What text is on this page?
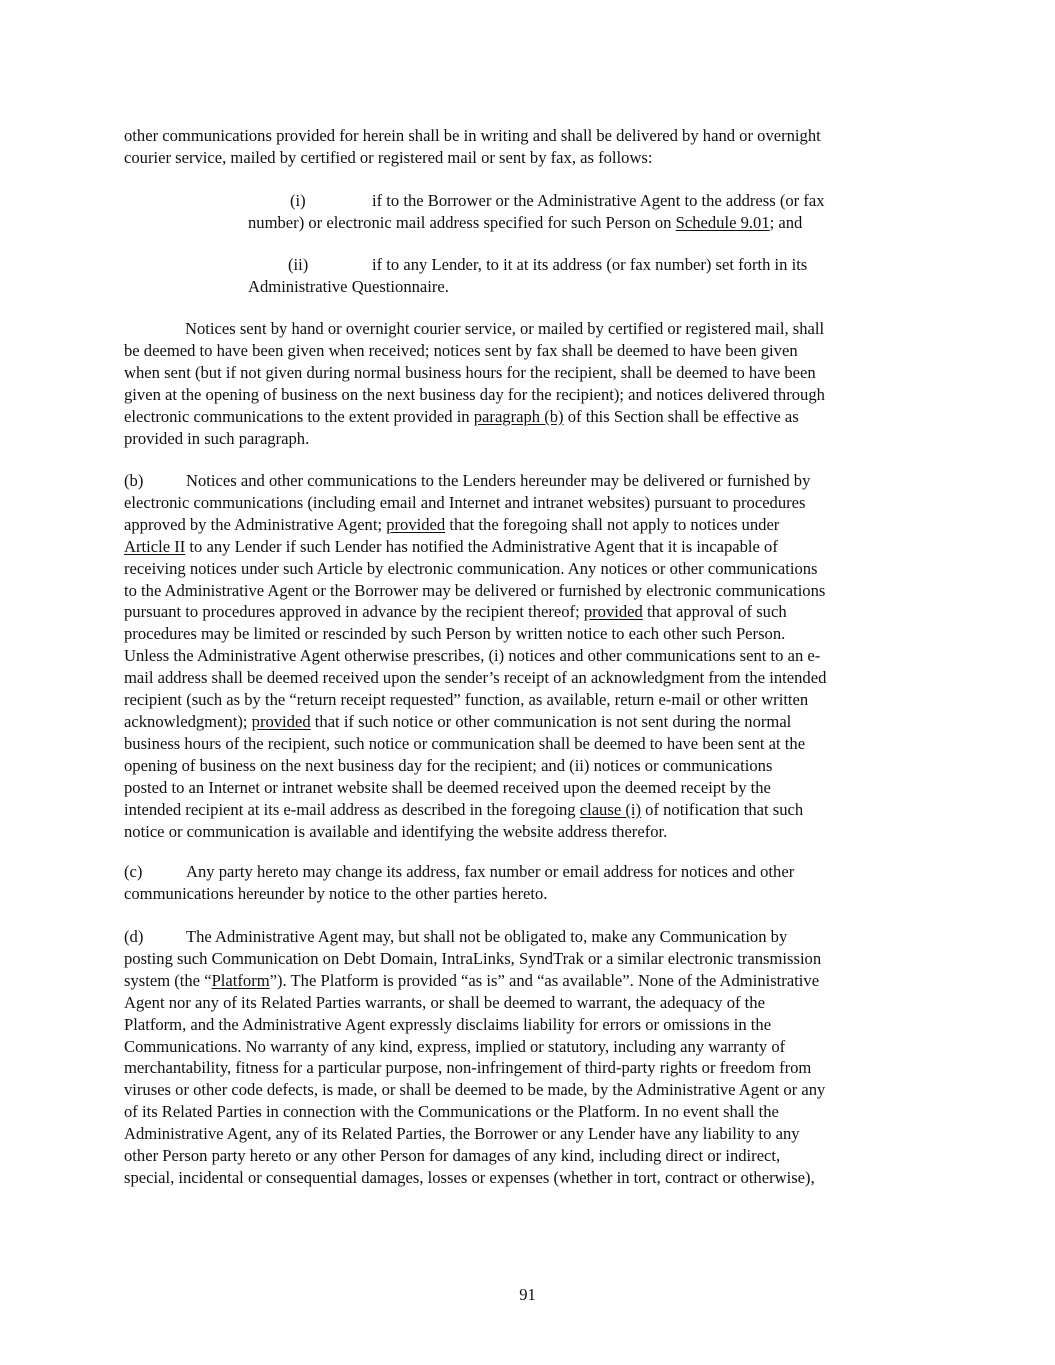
other communications provided for herein shall be in writing and shall be delivered by hand or overnight
courier service, mailed by certified or registered mail or sent by fax, as follows:
(i)	if to the Borrower or the Administrative Agent to the address (or fax
number) or electronic mail address specified for such Person on Schedule 9.01; and
(ii)	if to any Lender, to it at its address (or fax number) set forth in its
Administrative Questionnaire.
Notices sent by hand or overnight courier service, or mailed by certified or registered mail, shall
be deemed to have been given when received; notices sent by fax shall be deemed to have been given
when sent (but if not given during normal business hours for the recipient, shall be deemed to have been
given at the opening of business on the next business day for the recipient); and notices delivered through
electronic communications to the extent provided in paragraph (b) of this Section shall be effective as
provided in such paragraph.
(b)	Notices and other communications to the Lenders hereunder may be delivered or furnished by
electronic communications (including email and Internet and intranet websites) pursuant to procedures
approved by the Administrative Agent; provided that the foregoing shall not apply to notices under
Article II to any Lender if such Lender has notified the Administrative Agent that it is incapable of
receiving notices under such Article by electronic communication. Any notices or other communications
to the Administrative Agent or the Borrower may be delivered or furnished by electronic communications
pursuant to procedures approved in advance by the recipient thereof; provided that approval of such
procedures may be limited or rescinded by such Person by written notice to each other such Person.
Unless the Administrative Agent otherwise prescribes, (i) notices and other communications sent to an e-
mail address shall be deemed received upon the sender’s receipt of an acknowledgment from the intended
recipient (such as by the “return receipt requested” function, as available, return e-mail or other written
acknowledgment); provided that if such notice or other communication is not sent during the normal
business hours of the recipient, such notice or communication shall be deemed to have been sent at the
opening of business on the next business day for the recipient; and (ii) notices or communications
posted to an Internet or intranet website shall be deemed received upon the deemed receipt by the
intended recipient at its e-mail address as described in the foregoing clause (i) of notification that such
notice or communication is available and identifying the website address therefor.
(c)	Any party hereto may change its address, fax number or email address for notices and other
communications hereunder by notice to the other parties hereto.
(d)	The Administrative Agent may, but shall not be obligated to, make any Communication by
posting such Communication on Debt Domain, IntraLinks, SyndTrak or a similar electronic transmission
system (the “Platform”). The Platform is provided “as is” and “as available”. None of the Administrative
Agent nor any of its Related Parties warrants, or shall be deemed to warrant, the adequacy of the
Platform, and the Administrative Agent expressly disclaims liability for errors or omissions in the
Communications. No warranty of any kind, express, implied or statutory, including any warranty of
merchantability, fitness for a particular purpose, non-infringement of third-party rights or freedom from
viruses or other code defects, is made, or shall be deemed to be made, by the Administrative Agent or any
of its Related Parties in connection with the Communications or the Platform. In no event shall the
Administrative Agent, any of its Related Parties, the Borrower or any Lender have any liability to any
other Person party hereto or any other Person for damages of any kind, including direct or indirect,
special, incidental or consequential damages, losses or expenses (whether in tort, contract or otherwise),
91
